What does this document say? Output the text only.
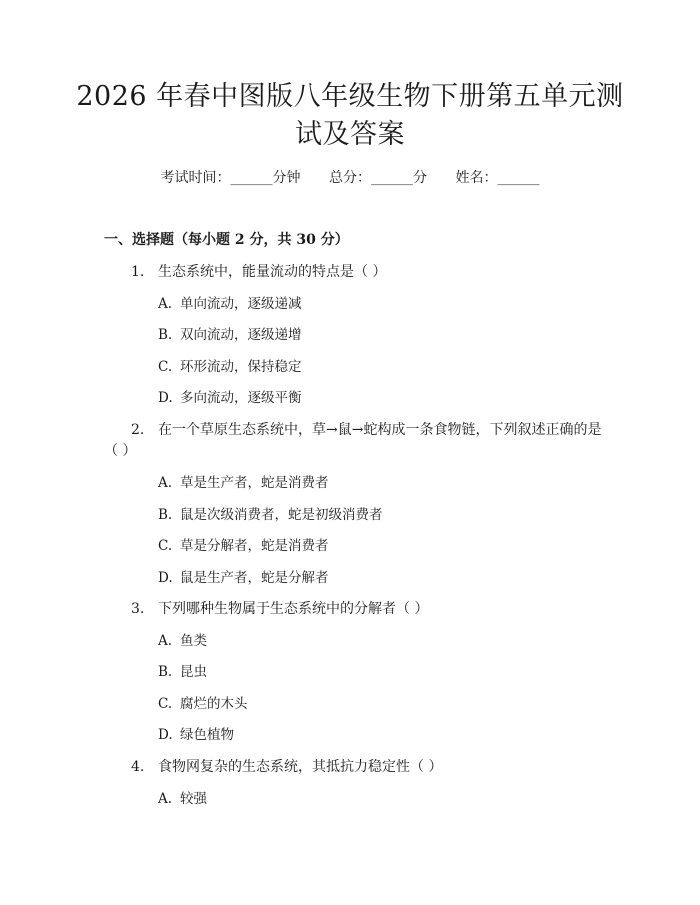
2026 年春中图版八年级生物下册第五单元测
试及答案
考试时间：______分钟 总分：______分 姓名：______
一、选择题（每小题 2 分，共 30 分）
1. 生态系统中，能量流动的特点是（ ）
A. 单向流动，逐级递减
B. 双向流动，逐级递增
C. 环形流动，保持稳定
D. 多向流动，逐级平衡
2. 在一个草原生态系统中，草→鼠→蛇构成一条食物链，下列叙述正确的是
（ ）
A. 草是生产者，蛇是消费者
B. 鼠是次级消费者，蛇是初级消费者
C. 草是分解者，蛇是消费者
D. 鼠是生产者，蛇是分解者
3. 下列哪种生物属于生态系统中的分解者（ ）
A. 鱼类
B. 昆虫
C. 腐烂的木头
D. 绿色植物
4. 食物网复杂的生态系统，其抵抗力稳定性（ ）
A. 较强
